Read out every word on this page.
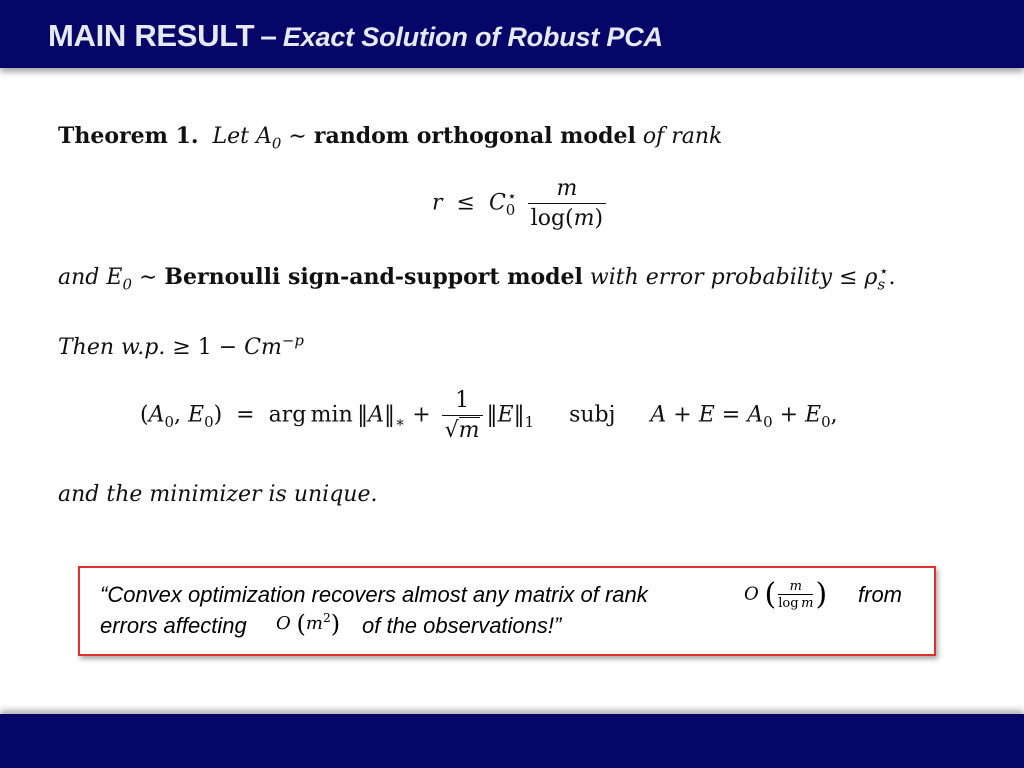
MAIN RESULT – Exact Solution of Robust PCA
Theorem 1. Let $A_0$ ∼ random orthogonal model of rank
$r \le C_0^⋆ \frac{m}{\log(m)}$
and $E_0$ ∼ Bernoulli sign-and-support model with error probability ≤ $\rho_s^⋆$.
Then w.p. ≥ $1 - Cm^{-p}$
($A_0$, $E_0$)  =  arg $\min ‖A‖_∗ + \frac{1}{√m}$ $‖E‖_1$ subj $A + E = A_0 + E_0$,
and the minimizer is unique.
“Convex optimization recovers almost any matrix of rank	O ( $\frac{m}{\text{log m}}$ ) from
errors affecting O $(m^2)$ of the observations!”
